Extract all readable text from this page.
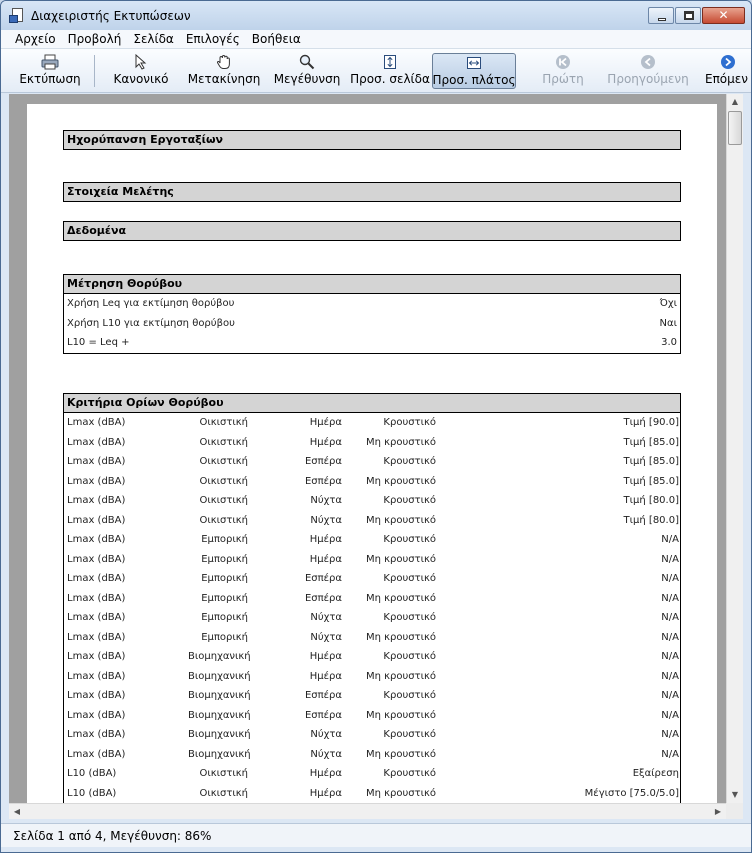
Διαχειριστής Εκτυπώσεων	✕
Αρχείο	Προβολή	Σελίδα	Επιλογές	Βοήθεια
Εκτύπωση	Κανονικό Μετακίνηση Μεγέθυνση Προσ. σελίδα Προσ. πλάτος Πρώτη Προηγούμενη Επόμεν
Ηχορύπανση Εργοταξίων
Στοιχεία Μελέτης
Δεδομένα
Μέτρηση Θορύβου
Χρήση Leq για εκτίμηση θορύβου	Όχι
Χρήση L10 για εκτίμηση θορύβου	Ναι
L10 = Leq +	3.0
Κριτήρια Ορίων Θορύβου
Lmax (dBA)	Οικιστική	Ημέρα	Κρουστικό	Τιμή [90.0]
Lmax (dBA)	Οικιστική	Ημέρα Μη κρουστικό	Τιμή [85.0]
Lmax (dBA)	Οικιστική	Εσπέρα	Κρουστικό	Τιμή [85.0]
Lmax (dBA)	Οικιστική	Εσπέρα Μη κρουστικό	Τιμή [85.0]
Lmax (dBA)	Οικιστική	Νύχτα	Κρουστικό	Τιμή [80.0]
Lmax (dBA)	Οικιστική	Νύχτα Μη κρουστικό	Τιμή [80.0]
Lmax (dBA)	Εμπορική	Ημέρα	Κρουστικό	N/A
Lmax (dBA)	Εμπορική	Ημέρα Μη κρουστικό	N/A
Lmax (dBA)	Εμπορική	Εσπέρα	Κρουστικό	N/A
Lmax (dBA)	Εμπορική	Εσπέρα Μη κρουστικό	N/A
Lmax (dBA)	Εμπορική	Νύχτα	Κρουστικό	N/A
Lmax (dBA)	Εμπορική	Νύχτα Μη κρουστικό	N/A
Lmax (dBA)	Βιομηχανική	Ημέρα	Κρουστικό	N/A
Lmax (dBA)	Βιομηχανική	Ημέρα Μη κρουστικό	N/A
Lmax (dBA)	Βιομηχανική	Εσπέρα	Κρουστικό	N/A
Lmax (dBA)	Βιομηχανική	Εσπέρα Μη κρουστικό	N/A
Lmax (dBA)	Βιομηχανική	Νύχτα	Κρουστικό	N/A
Lmax (dBA)	Βιομηχανική	Νύχτα Μη κρουστικό	N/A
L10 (dBA)	Οικιστική	Ημέρα	Κρουστικό	Εξαίρεση
L10 (dBA)	Οικιστική	Ημέρα Μη κρουστικό	Μέγιστο [75.0/5.0]
▲
▼
◀	▶
Σελίδα 1 από 4, Μεγέθυνση: 86%
